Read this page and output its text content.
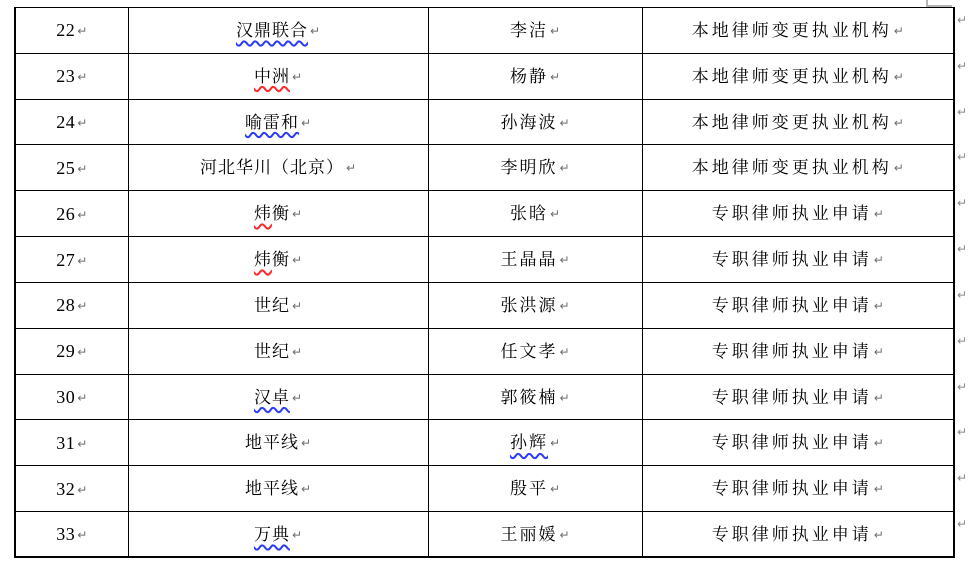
22 ↵	汉鼎联合 ↵	李洁 ↵	本地律师变更执业机构 ↵
23 ↵	中洲 ↵	杨静 ↵	本地律师变更执业机构 ↵
24 ↵	喻雷和 ↵	孙海波 ↵	本地律师变更执业机构 ↵
25 ↵	河北华川（北京） ↵	李明欣 ↵	本地律师变更执业机构 ↵
26 ↵	炜衡 ↵	张晗 ↵	专职律师执业申请 ↵
27 ↵	炜衡 ↵	王晶晶 ↵	专职律师执业申请 ↵
28 ↵	世纪 ↵	张洪源 ↵	专职律师执业申请 ↵
29 ↵	世纪 ↵	任文孝 ↵	专职律师执业申请 ↵
30 ↵	汉卓 ↵	郭筱楠 ↵	专职律师执业申请 ↵
31 ↵	地平线 ↵	孙辉 ↵	专职律师执业申请 ↵
32 ↵	地平线 ↵	殷平 ↵	专职律师执业申请 ↵
33 ↵	万典 ↵	王丽媛 ↵	专职律师执业申请 ↵
↵
↵
↵
↵
↵
↵
↵
↵
↵
↵
↵
↵
